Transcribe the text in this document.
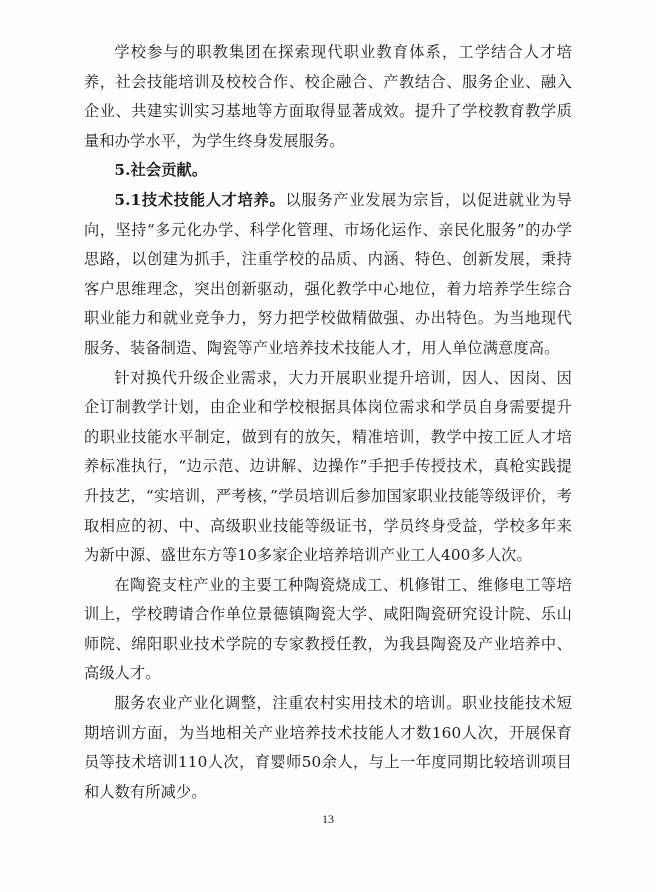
学校参与的职教集团在探索现代职业教育体系，工学结合人才培养，社会技能培训及校校合作、校企融合、产教结合、服务企业、融入企业、共建实训实习基地等方面取得显著成效。提升了学校教育教学质量和办学水平，为学生终身发展服务。

5.社会贡献。

5.1技术技能人才培养。以服务产业发展为宗旨，以促进就业为导向，坚持“多元化办学、科学化管理、市场化运作、亲民化服务”的办学思路，以创建为抓手，注重学校的品质、内涵、特色、创新发展，秉持客户思维理念，突出创新驱动，强化教学中心地位，着力培养学生综合职业能力和就业竞争力，努力把学校做精做强、办出特色。为当地现代服务、装备制造、陶瓷等产业培养技术技能人才，用人单位满意度高。

针对换代升级企业需求，大力开展职业提升培训，因人、因岗、因企订制教学计划，由企业和学校根据具体岗位需求和学员自身需要提升的职业技能水平制定，做到有的放矢，精准培训，教学中按工匠人才培养标准执行，“边示范、边讲解、边操作”手把手传授技术，真枪实践提升技艺，“实培训，严考核，”学员培训后参加国家职业技能等级评价，考取相应的初、中、高级职业技能等级证书，学员终身受益，学校多年来为新中源、盛世东方等10多家企业培养培训产业工人400多人次。

在陶瓷支柱产业的主要工种陶瓷烧成工、机修钳工、维修电工等培训上，学校聘请合作单位景德镇陶瓷大学、咸阳陶瓷研究设计院、乐山师院、绵阳职业技术学院的专家教授任教，为我县陶瓷及产业培养中、高级人才。

服务农业产业化调整，注重农村实用技术的培训。职业技能技术短期培训方面，为当地相关产业培养技术技能人才数160人次，开展保育员等技术培训110人次，育婴师50余人，与上一年度同期比较培训项目和人数有所减少。

13
